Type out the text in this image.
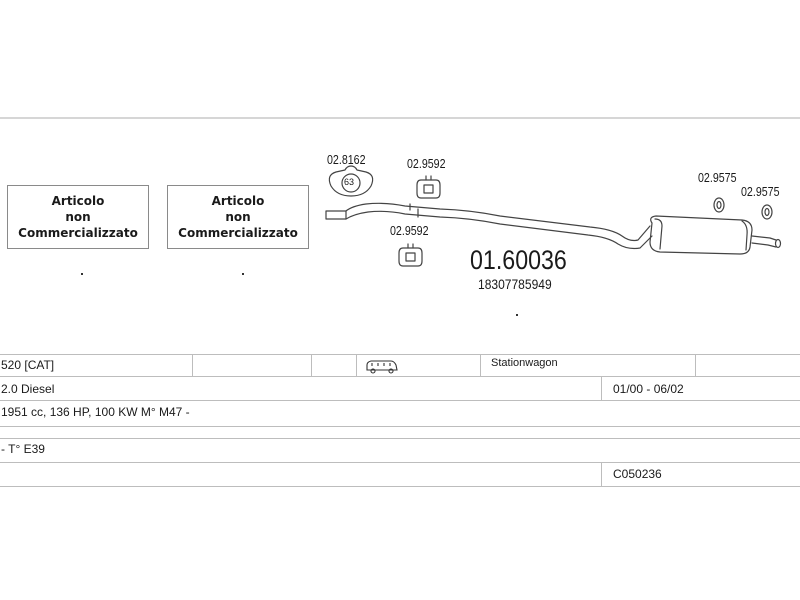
Articolo
non
Commercializzato
Articolo
non
Commercializzato
02.8162
63
02.9592
02.9592
01.60036
18307785949
02.9575
02.9575
520 [CAT]	Stationwagon
2.0 Diesel	01/00 - 06/02
1951 cc, 136 HP, 100 KW M° M47 -
- T° E39
C050236
